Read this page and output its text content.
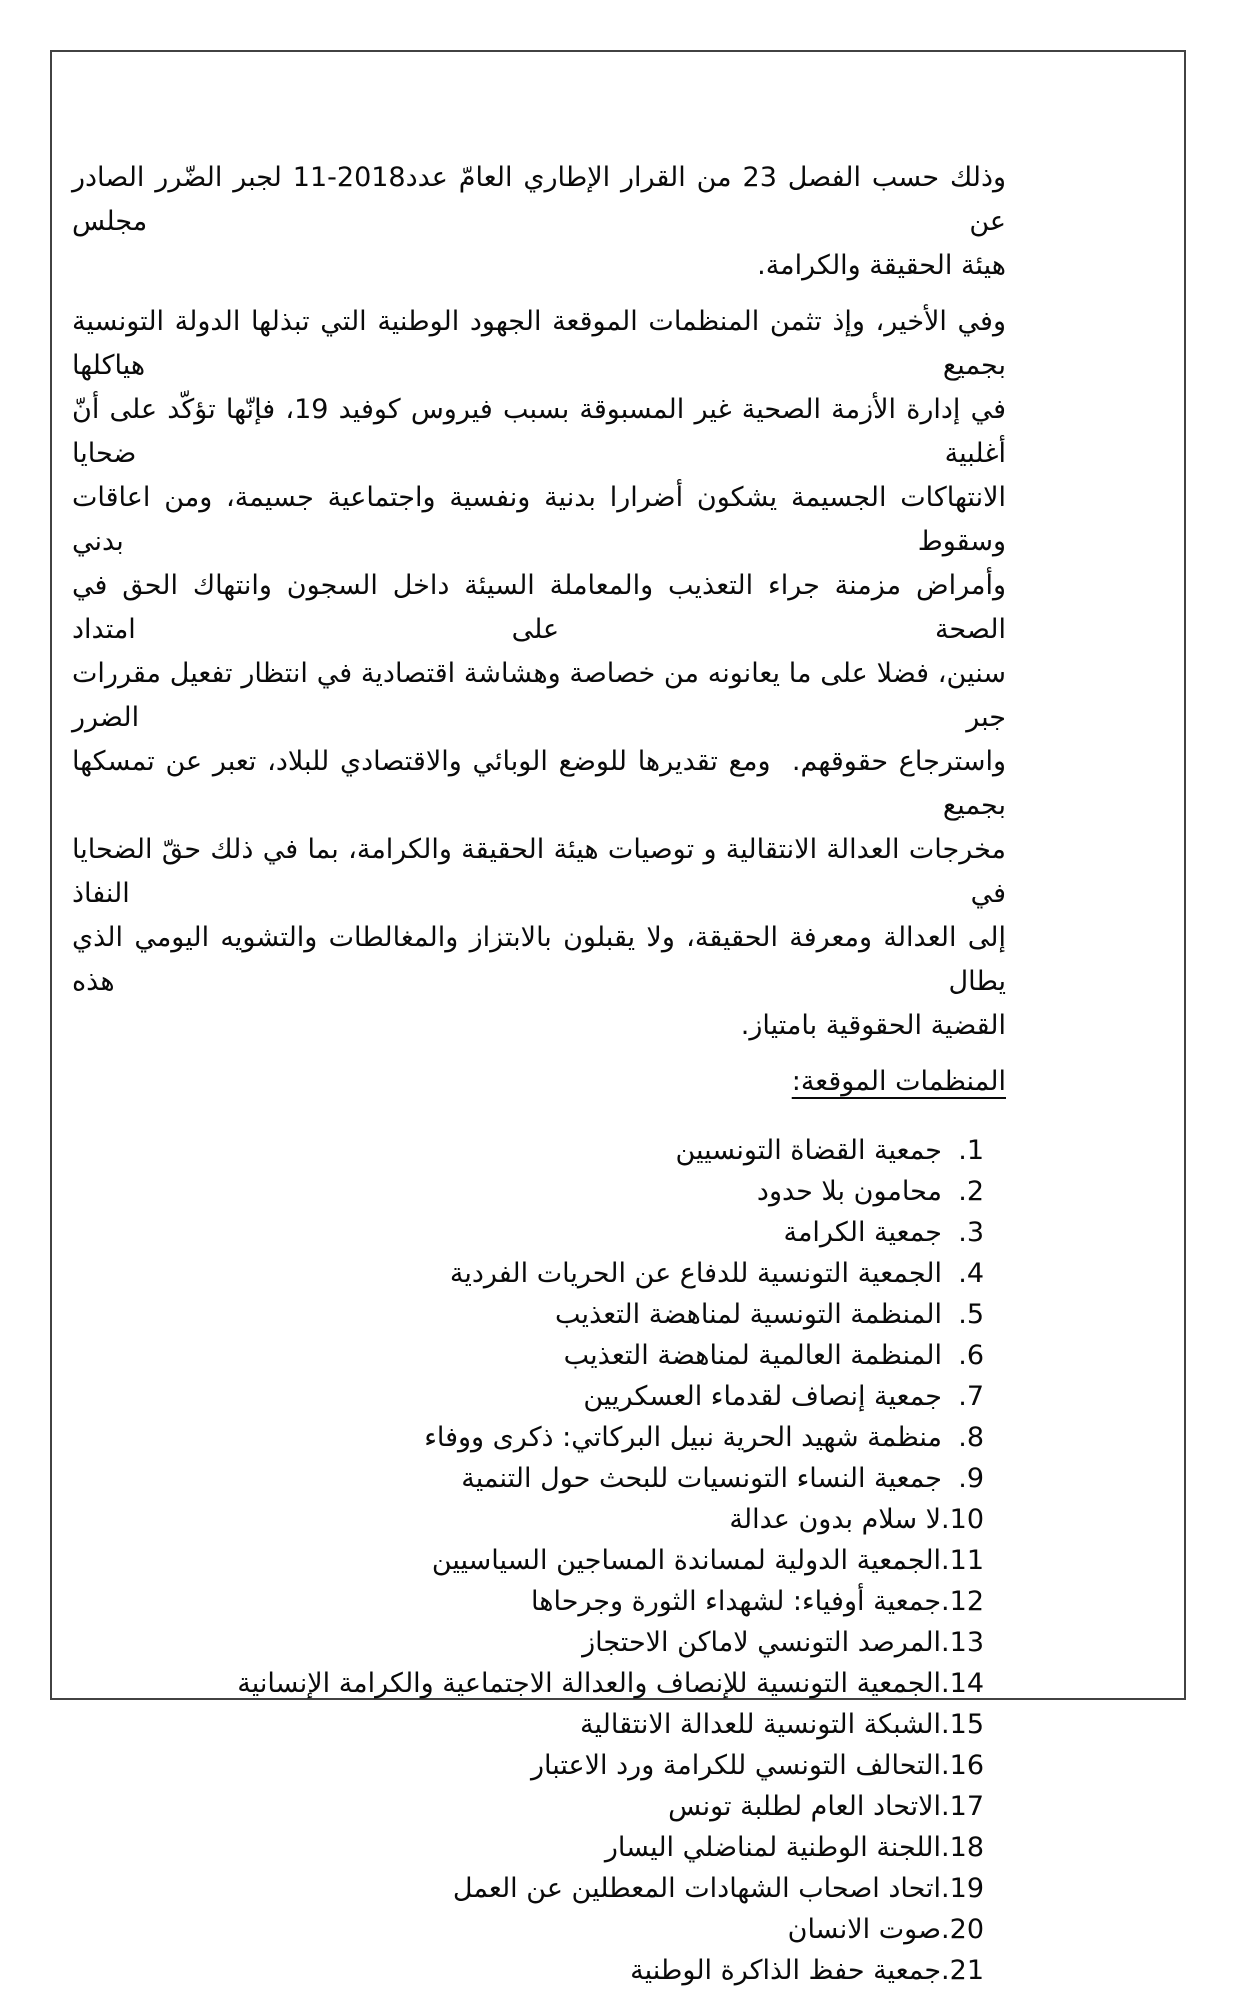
وذلك حسب الفصل 23 من القرار الإطاري العامّ عدد2018-11 لجبر الضّرر الصادر عن مجلس
هيئة الحقيقة والكرامة.
وفي الأخير، وإذ تثمن المنظمات الموقعة الجهود الوطنية التي تبذلها الدولة التونسية بجميع هياكلها
في إدارة الأزمة الصحية غير المسبوقة بسبب فيروس كوفيد 19، فإنّها تؤكّد على أنّ أغلبية ضحايا
الانتهاكات الجسيمة يشكون أضرارا بدنية ونفسية واجتماعية جسيمة، ومن اعاقات وسقوط بدني
وأمراض مزمنة جراء التعذيب والمعاملة السيئة داخل السجون وانتهاك الحق في الصحة على امتداد
سنين، فضلا على ما يعانونه من خصاصة وهشاشة اقتصادية في انتظار تفعيل مقررات جبر الضرر
واسترجاع حقوقهم.  ومع تقديرها للوضع الوبائي والاقتصادي للبلاد، تعبر عن تمسكها بجميع
مخرجات العدالة الانتقالية و توصيات هيئة الحقيقة والكرامة، بما في ذلك حقّ الضحايا في النفاذ
إلى العدالة ومعرفة الحقيقة، ولا يقبلون بالابتزاز والمغالطات والتشويه اليومي الذي يطال هذه
القضية الحقوقية بامتياز.
المنظمات الموقعة:
1.جمعية القضاة التونسيين
2.محامون بلا حدود
3.جمعية الكرامة
4.الجمعية التونسية للدفاع عن الحريات الفردية
5.المنظمة التونسية لمناهضة التعذيب
6.المنظمة العالمية لمناهضة التعذيب
7.جمعية إنصاف لقدماء العسكريين
8.منظمة شهيد الحرية نبيل البركاتي: ذكرى ووفاء
9.جمعية النساء التونسيات للبحث حول التنمية
10.لا سلام بدون عدالة
11.الجمعية الدولية لمساندة المساجين السياسيين
12.جمعية أوفياء: لشهداء الثورة وجرحاها
13.المرصد التونسي لاماكن الاحتجاز
14.الجمعية التونسية للإنصاف والعدالة الاجتماعية والكرامة الإنسانية
15.الشبكة التونسية للعدالة الانتقالية
16.التحالف التونسي للكرامة ورد الاعتبار
17.الاتحاد العام لطلبة تونس
18.اللجنة الوطنية لمناضلي اليسار
19.اتحاد اصحاب الشهادات المعطلين عن العمل
20.صوت الانسان
21.جمعية حفظ الذاكرة الوطنية
